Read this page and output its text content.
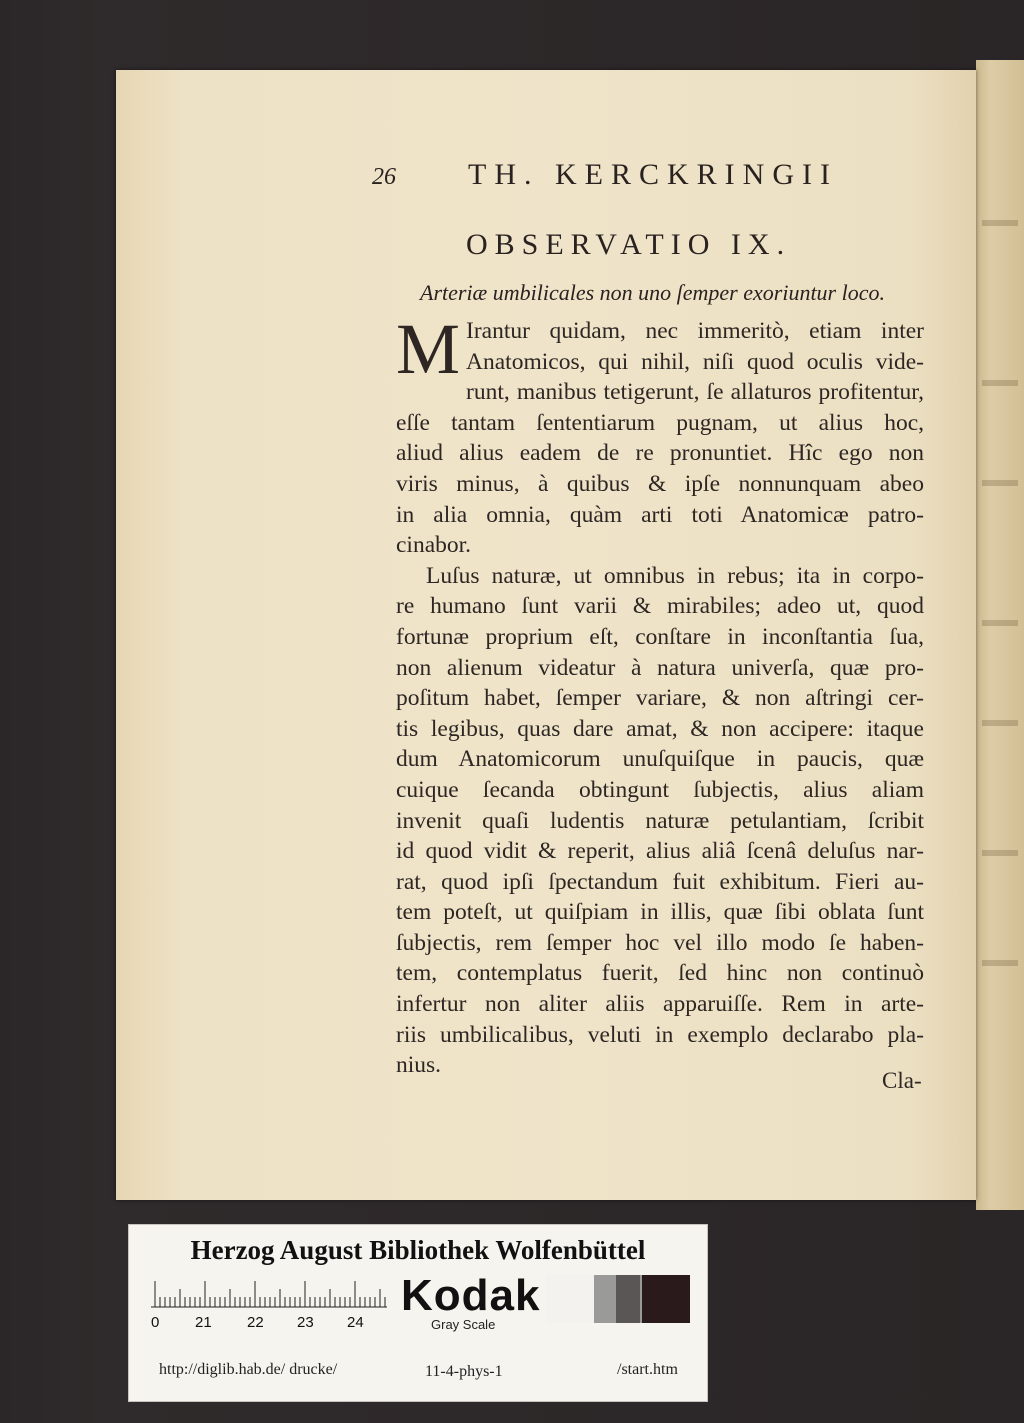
26 TH. KERCKRINGII
OBSERVATIO IX.
Arteriæ umbilicales non uno ſemper exoriuntur loco.

M Irantur quidam, nec immeritò, etiam inter
Anatomicos, qui nihil, niſi quod oculis vide-
runt, manibus tetigerunt, ſe allaturos profitentur,
eſſe tantam ſententiarum pugnam, ut alius hoc,
aliud alius eadem de re pronuntiet. Hîc ego non
viris minus, à quibus & ipſe nonnunquam abeo
in alia omnia, quàm arti toti Anatomicæ patro-
cinabor.

Luſus naturæ, ut omnibus in rebus; ita in corpo-
re humano ſunt varii & mirabiles; adeo ut, quod
fortunæ proprium eſt, conſtare in inconſtantia ſua,
non alienum videatur à natura univerſa, quæ pro-
poſitum habet, ſemper variare, & non aſtringi cer-
tis legibus, quas dare amat, & non accipere: itaque
dum Anatomicorum unuſquiſque in paucis, quæ
cuique ſecanda obtingunt ſubjectis, alius aliam
invenit quaſi ludentis naturæ petulantiam, ſcribit
id quod vidit & reperit, alius aliâ ſcenâ deluſus nar-
rat, quod ipſi ſpectandum fuit exhibitum. Fieri au-
tem poteſt, ut quiſpiam in illis, quæ ſibi oblata ſunt
ſubjectis, rem ſemper hoc vel illo modo ſe haben-
tem, contemplatus fuerit, ſed hinc non continuò
infertur non aliter aliis apparuiſſe. Rem in arte-
riis umbilicalibus, veluti in exemplo declarabo pla-
nius.

Cla-
Herzog August Bibliothek Wolfenbüttel
0 21 22 23 24
Kodak
Gray Scale
http://diglib.hab.de/ drucke/	11-4-phys-1	/start.htm
